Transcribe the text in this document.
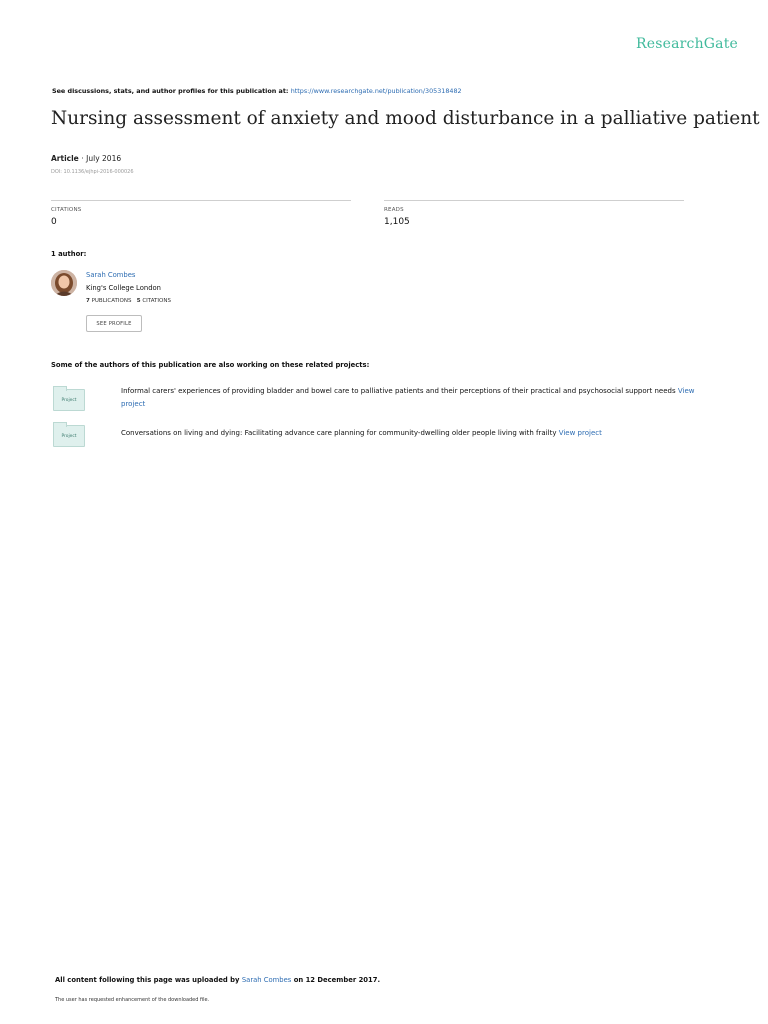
ResearchGate
See discussions, stats, and author profiles for this publication at: https://www.researchgate.net/publication/305318482
Nursing assessment of anxiety and mood disturbance in a palliative patient
Article · July 2016
DOI: 10.1136/ejhpi-2016-000026
CITATIONS
0
READS
1,105
1 author:
Sarah Combes
King's College London
7 PUBLICATIONS 5 CITATIONS
SEE PROFILE
Some of the authors of this publication are also working on these related projects:
Project
Informal carers' experiences of providing bladder and bowel care to palliative patients and their perceptions of their practical and psychosocial support needs View project
Project	Conversations on living and dying: Facilitating advance care planning for community-dwelling older people living with frailty View project
All content following this page was uploaded by Sarah Combes on 12 December 2017.
The user has requested enhancement of the downloaded file.
